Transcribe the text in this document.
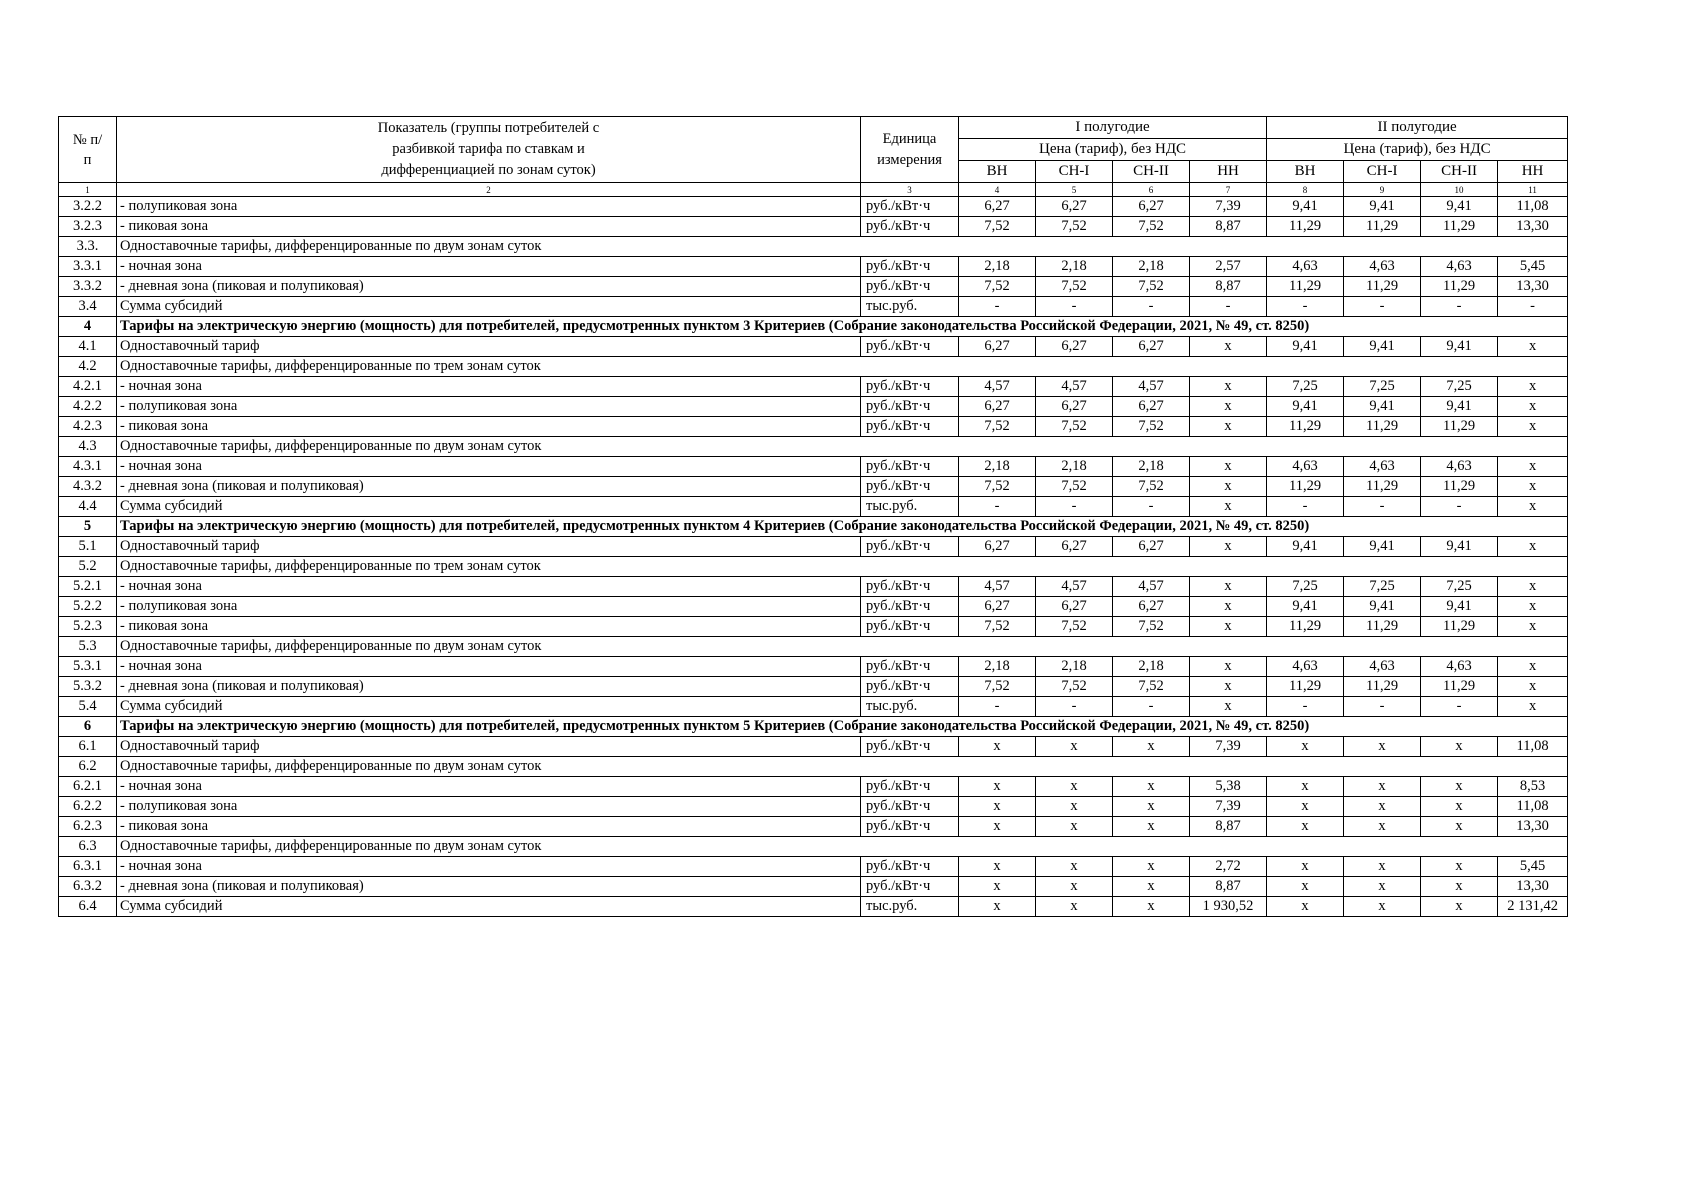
№ п/п	Показатель (группы потребителей с разбивкой тарифа по ставкам и дифференциацией по зонам суток)	Единица измерения	I полугодие				II полугодие			
			Цена (тариф), без НДС				Цена (тариф), без НДС			
			ВН	СН-I	СН-II	НН	ВН	СН-I	СН-II	НН
1	2	3	4	5	6	7	8	9	10	11
3.2.2	- полупиковая зона	руб./кВт·ч	6,27	6,27	6,27	7,39	9,41	9,41	9,41	11,08
3.2.3	- пиковая зона	руб./кВт·ч	7,52	7,52	7,52	8,87	11,29	11,29	11,29	13,30
3.3.	Одноставочные тарифы, дифференцированные по двум зонам суток									
3.3.1	- ночная зона	руб./кВт·ч	2,18	2,18	2,18	2,57	4,63	4,63	4,63	5,45
3.3.2	- дневная зона (пиковая и полупиковая)	руб./кВт·ч	7,52	7,52	7,52	8,87	11,29	11,29	11,29	13,30
3.4	Сумма субсидий	тыс.руб.	-	-	-	-	-	-	-	-
4	Тарифы на электрическую энергию (мощность) для потребителей, предусмотренных пунктом 3 Критериев (Собрание законодательства Российской Федерации, 2021, № 49, ст. 8250)									
4.1	Одноставочный тариф	руб./кВт·ч	6,27	6,27	6,27	x	9,41	9,41	9,41	x
4.2	Одноставочные тарифы, дифференцированные по трем зонам суток									
4.2.1	- ночная зона	руб./кВт·ч	4,57	4,57	4,57	x	7,25	7,25	7,25	x
4.2.2	- полупиковая зона	руб./кВт·ч	6,27	6,27	6,27	x	9,41	9,41	9,41	x
4.2.3	- пиковая зона	руб./кВт·ч	7,52	7,52	7,52	x	11,29	11,29	11,29	x
4.3	Одноставочные тарифы, дифференцированные по двум зонам суток									
4.3.1	- ночная зона	руб./кВт·ч	2,18	2,18	2,18	x	4,63	4,63	4,63	x
4.3.2	- дневная зона (пиковая и полупиковая)	руб./кВт·ч	7,52	7,52	7,52	x	11,29	11,29	11,29	x
4.4	Сумма субсидий	тыс.руб.	-	-	-	x	-	-	-	x
5	Тарифы на электрическую энергию (мощность) для потребителей, предусмотренных пунктом 4 Критериев (Собрание законодательства Российской Федерации, 2021, № 49, ст. 8250)									
5.1	Одноставочный тариф	руб./кВт·ч	6,27	6,27	6,27	x	9,41	9,41	9,41	x
5.2	Одноставочные тарифы, дифференцированные по трем зонам суток									
5.2.1	- ночная зона	руб./кВт·ч	4,57	4,57	4,57	x	7,25	7,25	7,25	x
5.2.2	- полупиковая зона	руб./кВт·ч	6,27	6,27	6,27	x	9,41	9,41	9,41	x
5.2.3	- пиковая зона	руб./кВт·ч	7,52	7,52	7,52	x	11,29	11,29	11,29	x
5.3	Одноставочные тарифы, дифференцированные по двум зонам суток									
5.3.1	- ночная зона	руб./кВт·ч	2,18	2,18	2,18	x	4,63	4,63	4,63	x
5.3.2	- дневная зона (пиковая и полупиковая)	руб./кВт·ч	7,52	7,52	7,52	x	11,29	11,29	11,29	x
5.4	Сумма субсидий	тыс.руб.	-	-	-	x	-	-	-	x
6	Тарифы на электрическую энергию (мощность) для потребителей, предусмотренных пунктом 5 Критериев (Собрание законодательства Российской Федерации, 2021, № 49, ст. 8250)									
6.1	Одноставочный тариф	руб./кВт·ч	x	x	x	7,39	x	x	x	11,08
6.2	Одноставочные тарифы, дифференцированные по двум зонам суток									
6.2.1	- ночная зона	руб./кВт·ч	x	x	x	5,38	x	x	x	8,53
6.2.2	- полупиковая зона	руб./кВт·ч	x	x	x	7,39	x	x	x	11,08
6.2.3	- пиковая зона	руб./кВт·ч	x	x	x	8,87	x	x	x	13,30
6.3	Одноставочные тарифы, дифференцированные по двум зонам суток									
6.3.1	- ночная зона	руб./кВт·ч	x	x	x	2,72	x	x	x	5,45
6.3.2	- дневная зона (пиковая и полупиковая)	руб./кВт·ч	x	x	x	8,87	x	x	x	13,30
6.4	Сумма субсидий	тыс.руб.	x	x	x	1 930,52	x	x	x	2 131,42
